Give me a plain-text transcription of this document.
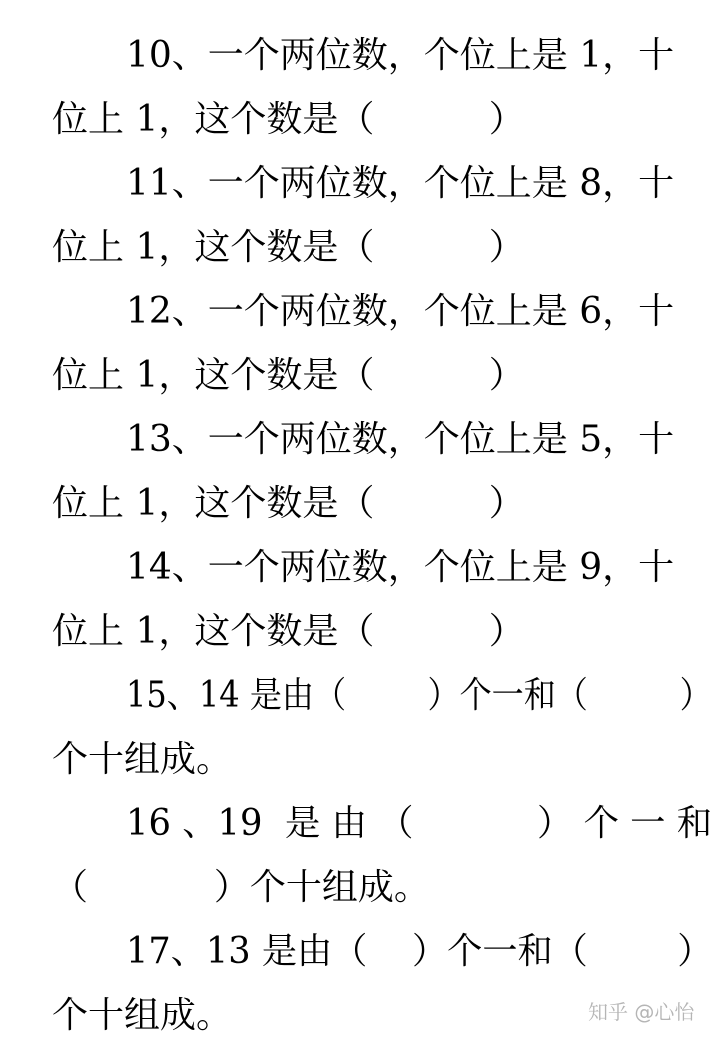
10、一个两位数，个位上是 1，十
位上 1，这个数是（          ）
11、一个两位数，个位上是 8，十
位上 1，这个数是（          ）
12、一个两位数，个位上是 6，十
位上 1，这个数是（          ）
13、一个两位数，个位上是 5，十
位上 1，这个数是（          ）
14、一个两位数，个位上是 9，十
位上 1，这个数是（          ）
15、14 是由（        ）个一和（         ）
个十组成。
16 、19  是 由 （           ） 个 一 和
（           ）个十组成。
17、13 是由（    ）个一和（        ）
个十组成。	知乎 @心怡
